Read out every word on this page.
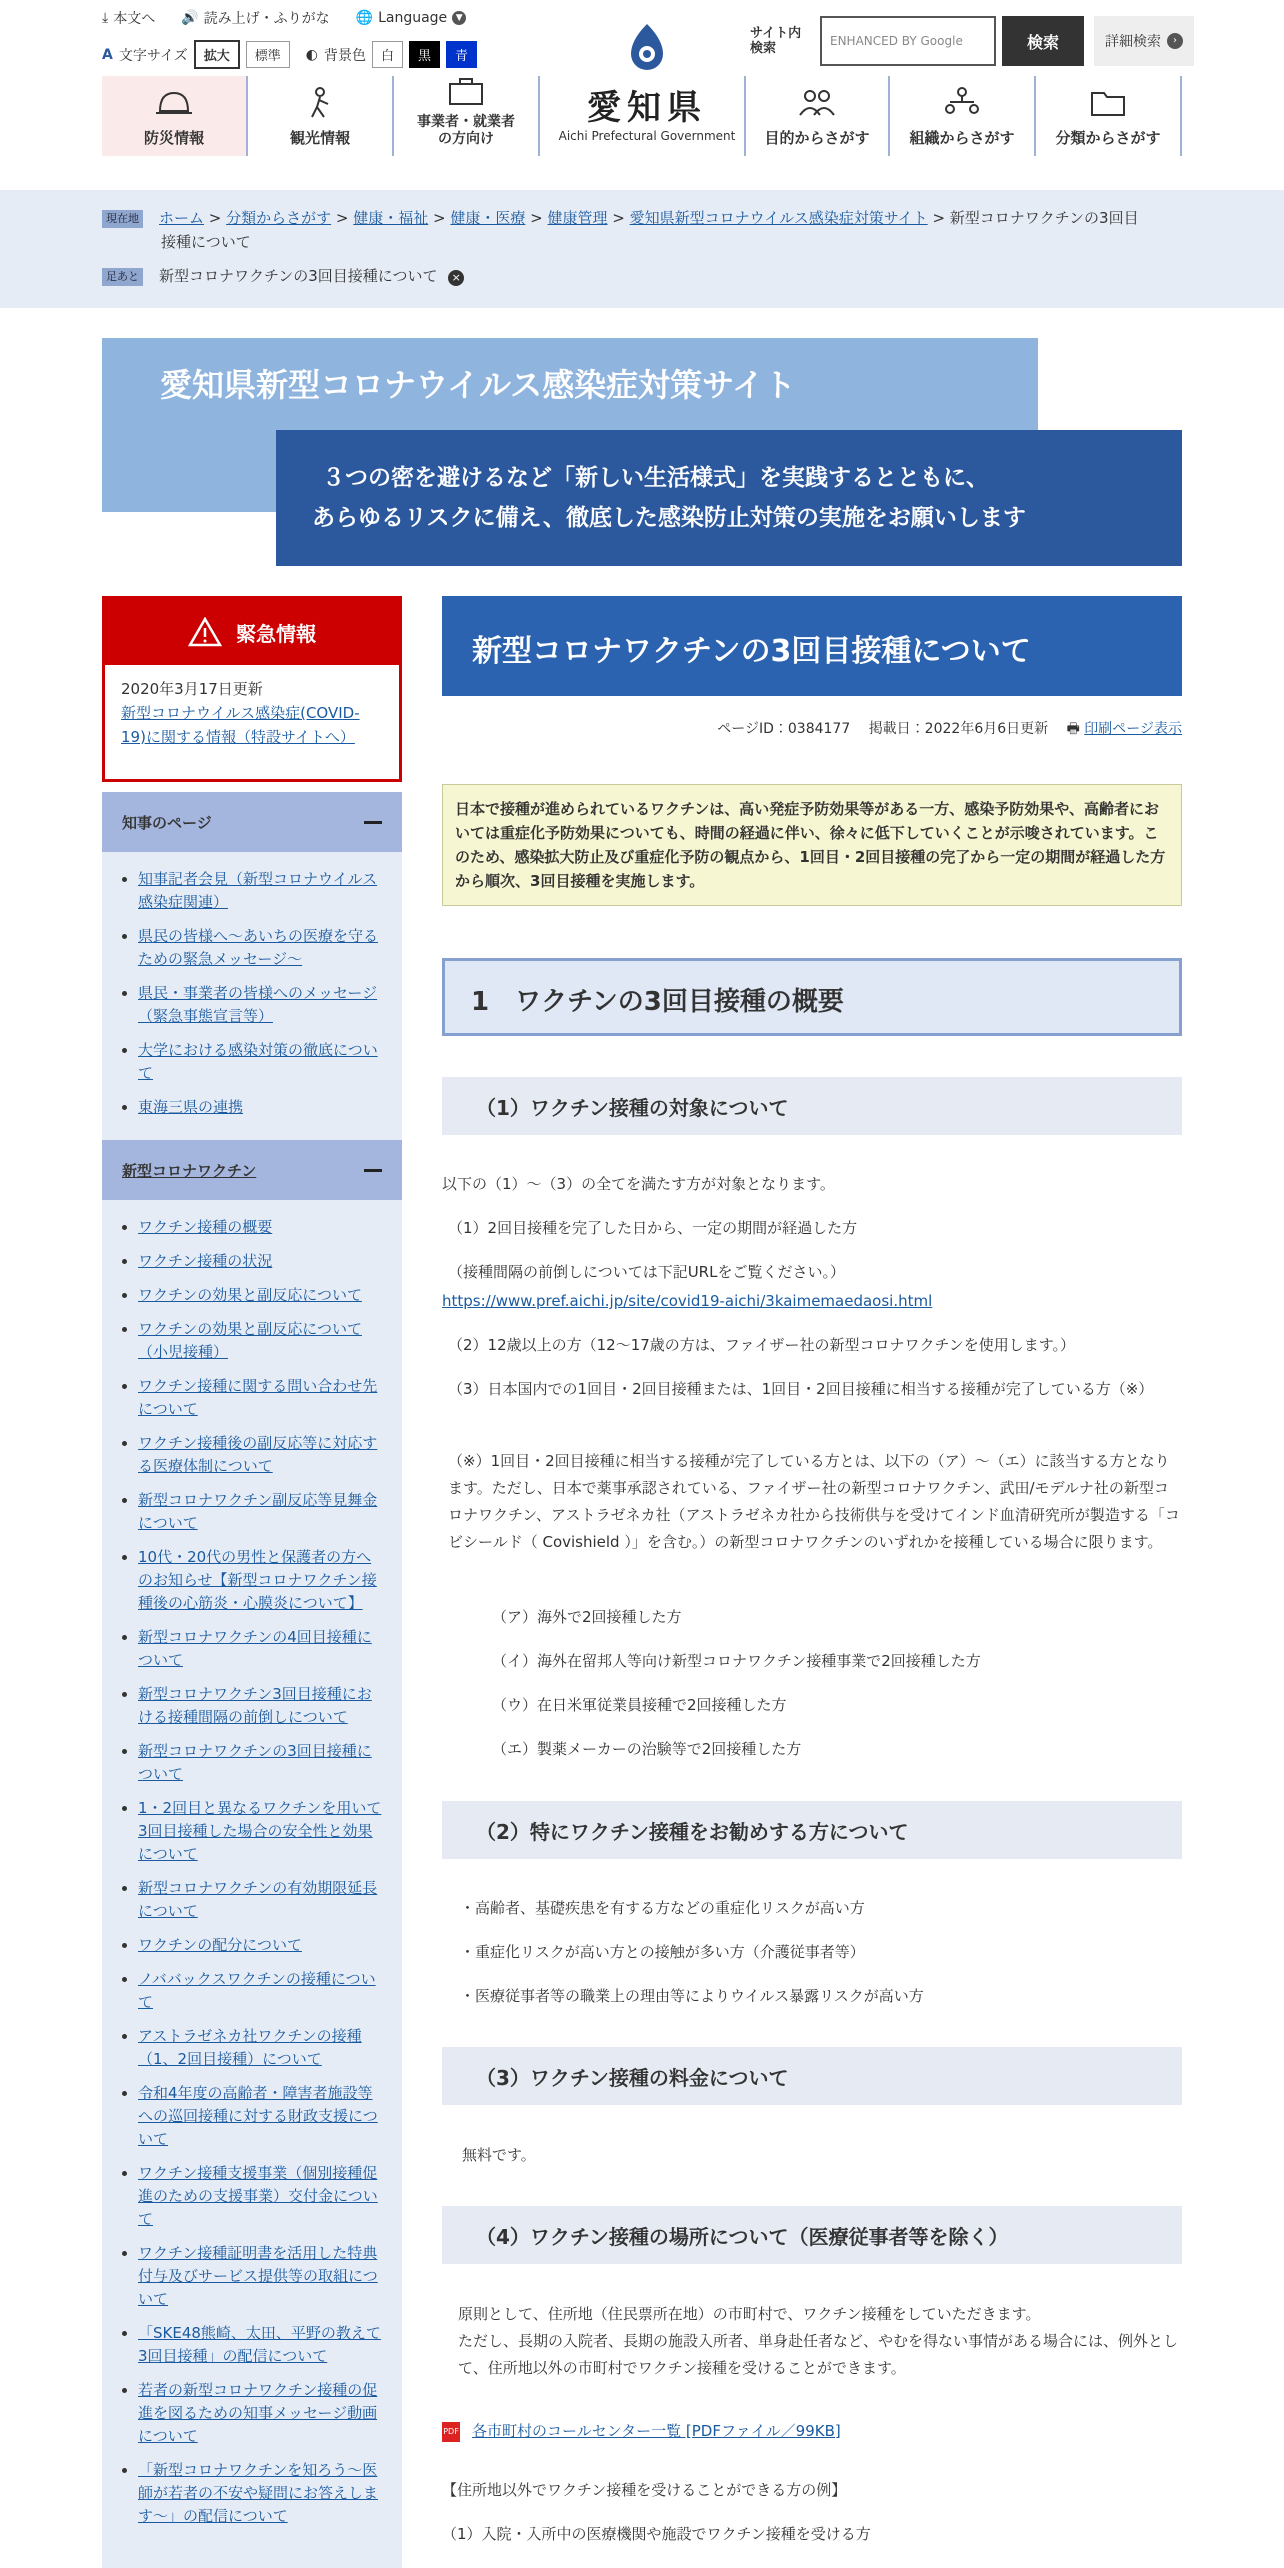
⤓ 本文へ 🔊 読み上げ・ふりがな 🌐 Language ▼
A 文字サイズ	拡大	標準	◐ 背景色	白	黒	青
防災情報	観光情報
事業者・就業者の方向け
愛知県
Aichi Prefectural Government
サイト内検索	ENHANCED BY Google	検索	詳細検索	›
目的からさがす	組織からさがす	分類からさがす
現在地 ホーム > 分類からさがす > 健康・福祉 > 健康・医療 > 健康管理 > 愛知県新型コロナウイルス感染症対策サイト > 新型コロナワクチンの3回目
接種について
足あと 新型コロナワクチンの3回目接種について ×
愛知県新型コロナウイルス感染症対策サイト
３つの密を避けるなど「新しい生活様式」を実践するとともに、
あらゆるリスクに備え、徹底した感染防止対策の実施をお願いします
緊急情報
2020年3月17日更新
新型コロナウイルス感染症(COVID-19)に関する情報（特設サイトへ）
知事のページ
• 知事記者会見（新型コロナウイルス感染症関連）
• 県民の皆様へ～あいちの医療を守るための緊急メッセージ～
• 県民・事業者の皆様へのメッセージ（緊急事態宣言等）
• 大学における感染対策の徹底について
• 東海三県の連携
新型コロナワクチン
• ワクチン接種の概要
• ワクチン接種の状況
• ワクチンの効果と副反応について
• ワクチンの効果と副反応について（小児接種）
• ワクチン接種に関する問い合わせ先について
• ワクチン接種後の副反応等に対応する医療体制について
• 新型コロナワクチン副反応等見舞金について
• 10代・20代の男性と保護者の方へのお知らせ【新型コロナワクチン接種後の心筋炎・心膜炎について】
• 新型コロナワクチンの4回目接種について
• 新型コロナワクチン3回目接種における接種間隔の前倒しについて
• 新型コロナワクチンの3回目接種について
• 1・2回目と異なるワクチンを用いて3回目接種した場合の安全性と効果について
• 新型コロナワクチンの有効期限延長について
• ワクチンの配分について
• ノババックスワクチンの接種について
• アストラゼネカ社ワクチンの接種（1、2回目接種）について
• 令和4年度の高齢者・障害者施設等への巡回接種に対する財政支援について
• ワクチン接種支援事業（個別接種促進のための支援事業）交付金について
• ワクチン接種証明書を活用した特典付与及びサービス提供等の取組について
• 「SKE48熊崎、太田、平野の教えて3回目接種」の配信について
• 若者の新型コロナワクチン接種の促進を図るための知事メッセージ動画について
• 「新型コロナワクチンを知ろう～医師が若者の不安や疑問にお答えします～」の配信について
新型コロナワクチンの3回目接種について
ページID：0384177　 掲載日：2022年6月6日更新　 🖶 印刷ページ表示
日本で接種が進められているワクチンは、高い発症予防効果等がある一方、感染予防効果や、高齢者においては重症化予防効果についても、時間の経過に伴い、徐々に低下していくことが示唆されています。このため、感染拡大防止及び重症化予防の観点から、1回目・2回目接種の完了から一定の期間が経過した方から順次、3回目接種を実施します。
1　ワクチンの3回目接種の概要
（1）ワクチン接種の対象について
以下の（1）～（3）の全てを満たす方が対象となります。
（1）2回目接種を完了した日から、一定の期間が経過した方
（接種間隔の前倒しについては下記URLをご覧ください。）
https://www.pref.aichi.jp/site/covid19-aichi/3kaimemaedaosi.html
（2）12歳以上の方（12～17歳の方は、ファイザー社の新型コロナワクチンを使用します。）
（3）日本国内での1回目・2回目接種または、1回目・2回目接種に相当する接種が完了している方（※）
（※）1回目・2回目接種に相当する接種が完了している方とは、以下の（ア）～（エ）に該当する方となります。ただし、日本で薬事承認されている、ファイザー社の新型コロナワクチン、武田/モデルナ社の新型コロナワクチン、アストラゼネカ社（アストラゼネカ社から技術供与を受けてインド血清研究所が製造する「コビシールド（ Covishield ）」を含む。）の新型コロナワクチンのいずれかを接種している場合に限ります。
（ア）海外で2回接種した方
（イ）海外在留邦人等向け新型コロナワクチン接種事業で2回接種した方
（ウ）在日米軍従業員接種で2回接種した方
（エ）製薬メーカーの治験等で2回接種した方
（2）特にワクチン接種をお勧めする方について
・高齢者、基礎疾患を有する方などの重症化リスクが高い方
・重症化リスクが高い方との接触が多い方（介護従事者等）
・医療従事者等の職業上の理由等によりウイルス暴露リスクが高い方
（3）ワクチン接種の料金について
無料です。
（4）ワクチン接種の場所について（医療従事者等を除く）
原則として、住所地（住民票所在地）の市町村で、ワクチン接種をしていただきます。
ただし、長期の入院者、長期の施設入所者、単身赴任者など、やむを得ない事情がある場合には、例外として、住所地以外の市町村でワクチン接種を受けることができます。
PDF 各市町村のコールセンター一覧 [PDFファイル／99KB]
【住所地以外でワクチン接種を受けることができる方の例】
（1）入院・入所中の医療機関や施設でワクチン接種を受ける方
